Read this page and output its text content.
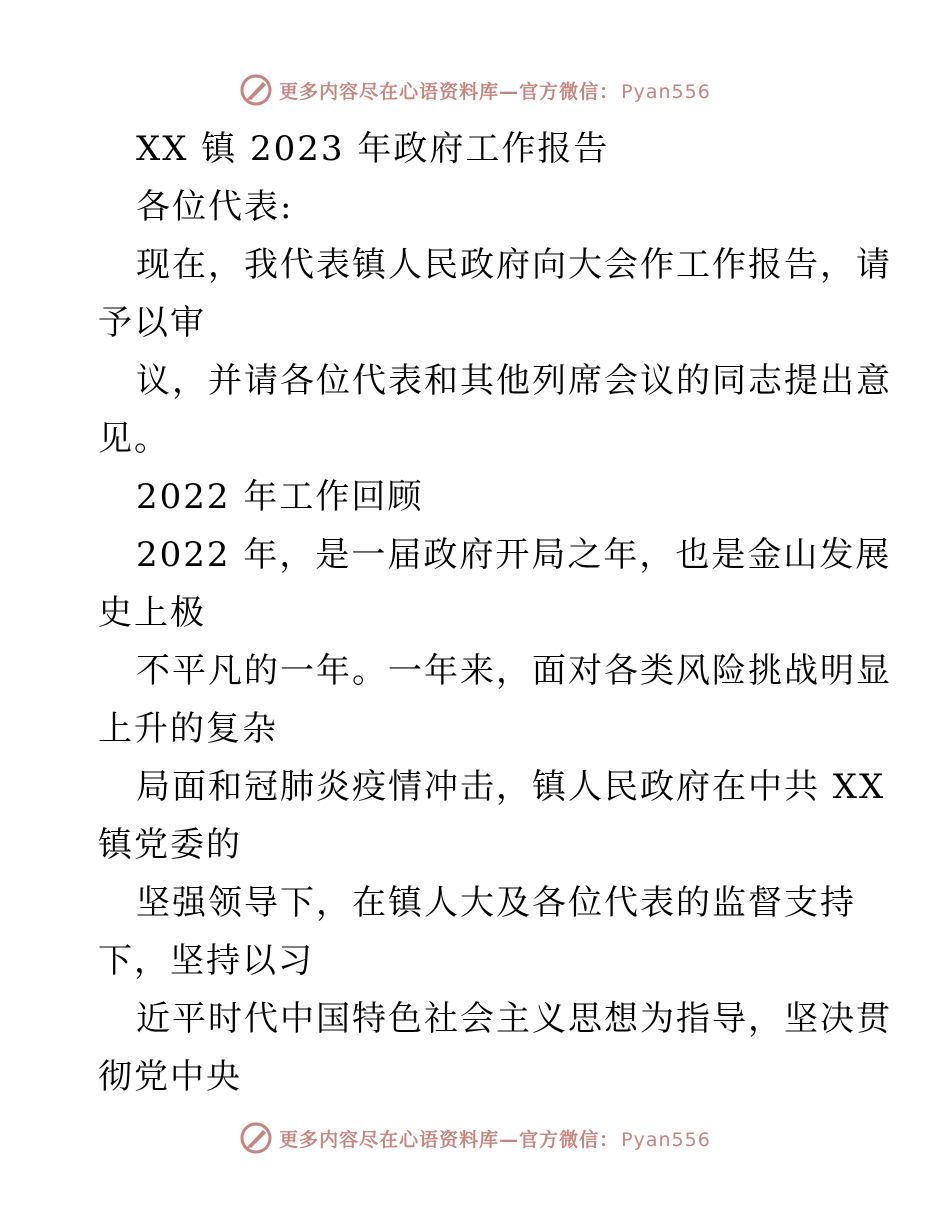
更多内容尽在心语资料库—官方微信： Pyan556
XX 镇 2023 年政府工作报告
各位代表:
现在，我代表镇人民政府向大会作工作报告，请
予以审
议，并请各位代表和其他列席会议的同志提出意
见。
2022 年工作回顾
2022 年，是一届政府开局之年，也是金山发展
史上极
不平凡的一年。一年来，面对各类风险挑战明显
上升的复杂
局面和冠肺炎疫情冲击，镇人民政府在中共 XX
镇党委的
坚强领导下，在镇人大及各位代表的监督支持
下，坚持以习
近平时代中国特色社会主义思想为指导，坚决贯
彻党中央
更多内容尽在心语资料库—官方微信： Pyan556
